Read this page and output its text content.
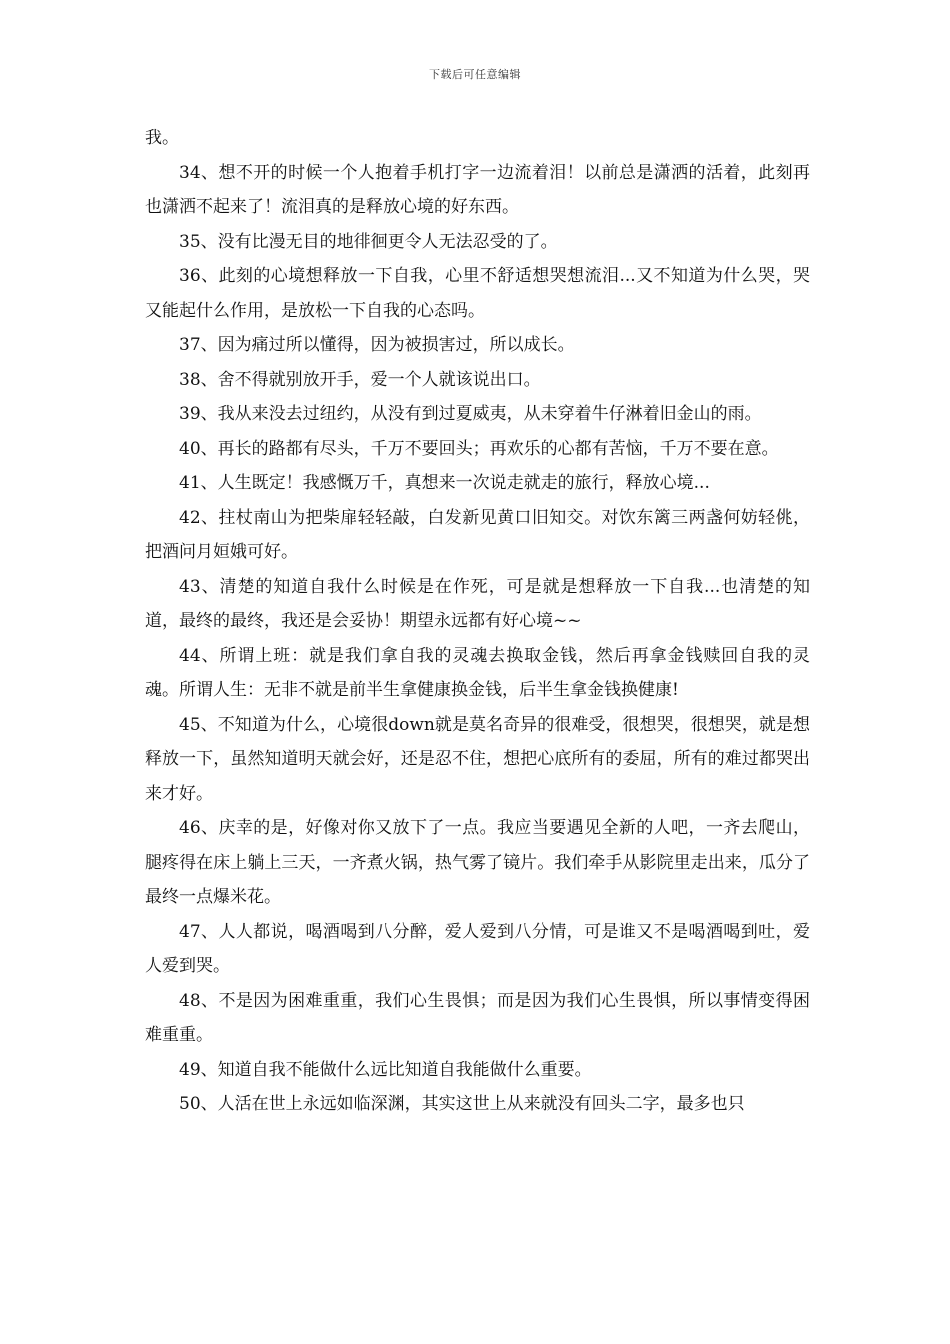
下载后可任意编辑

我。

34、想不开的时候一个人抱着手机打字一边流着泪！以前总是潇洒的活着，此刻再也潇洒不起来了！流泪真的是释放心境的好东西。

35、没有比漫无目的地徘徊更令人无法忍受的了。

36、此刻的心境想释放一下自我，心里不舒适想哭想流泪...又不知道为什么哭，哭又能起什么作用，是放松一下自我的心态吗。

37、因为痛过所以懂得，因为被损害过，所以成长。

38、舍不得就别放开手，爱一个人就该说出口。

39、我从来没去过纽约，从没有到过夏威夷，从未穿着牛仔淋着旧金山的雨。

40、再长的路都有尽头，千万不要回头；再欢乐的心都有苦恼，千万不要在意。

41、人生既定！我感慨万千，真想来一次说走就走的旅行，释放心境...

42、拄杖南山为把柴扉轻轻敲，白发新见黄口旧知交。对饮东篱三两盏何妨轻佻，把酒问月姮娥可好。

43、清楚的知道自我什么时候是在作死，可是就是想释放一下自我...也清楚的知道，最终的最终，我还是会妥协！期望永远都有好心境~~

44、所谓上班：就是我们拿自我的灵魂去换取金钱，然后再拿金钱赎回自我的灵魂。所谓人生：无非不就是前半生拿健康换金钱，后半生拿金钱换健康!

45、不知道为什么，心境很down就是莫名奇异的很难受，很想哭，很想哭，就是想释放一下，虽然知道明天就会好，还是忍不住，想把心底所有的委屈，所有的难过都哭出来才好。

46、庆幸的是，好像对你又放下了一点。我应当要遇见全新的人吧，一齐去爬山，腿疼得在床上躺上三天，一齐煮火锅，热气雾了镜片。我们牵手从影院里走出来，瓜分了最终一点爆米花。

47、人人都说，喝酒喝到八分醉，爱人爱到八分情，可是谁又不是喝酒喝到吐，爱人爱到哭。

48、不是因为困难重重，我们心生畏惧；而是因为我们心生畏惧，所以事情变得困难重重。

49、知道自我不能做什么远比知道自我能做什么重要。

50、人活在世上永远如临深渊，其实这世上从来就没有回头二字，最多也只
